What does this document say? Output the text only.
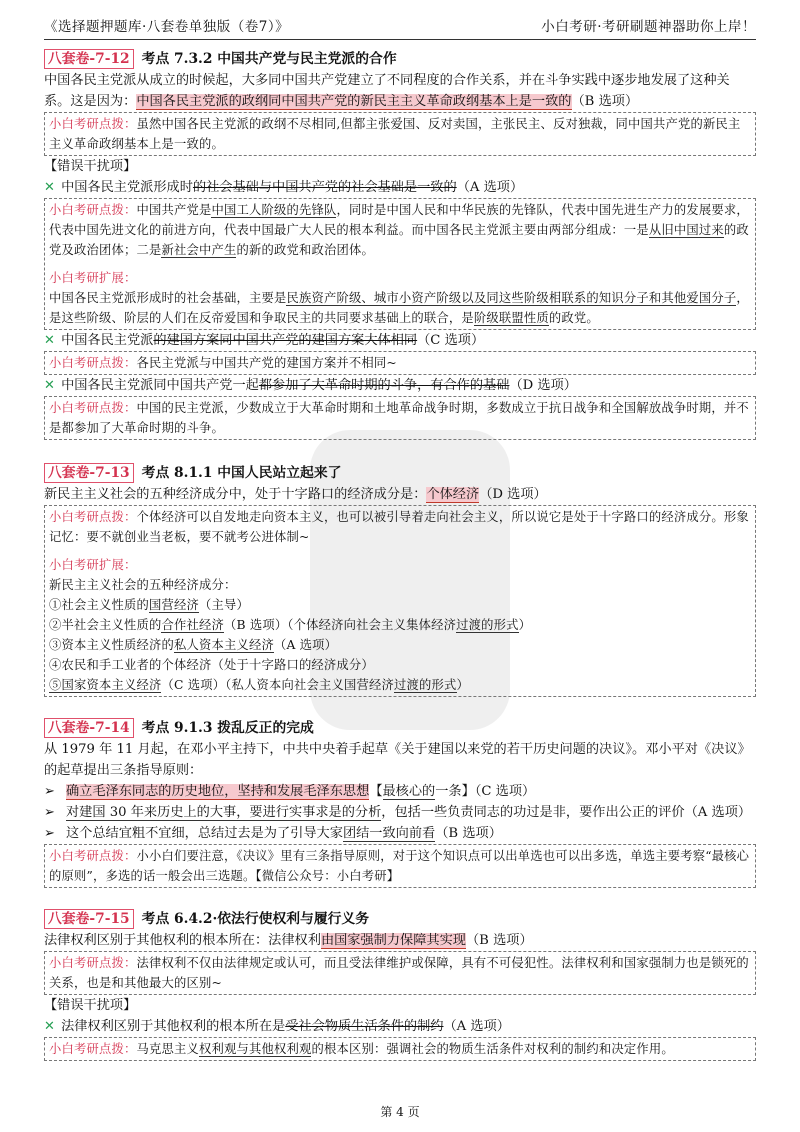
《选择题押题库·八套卷单独版（卷7）》	小白考研·考研刷题神器助你上岸！
八套卷-7-12 考点 7.3.2 中国共产党与民主党派的合作
中国各民主党派从成立的时候起，大多同中国共产党建立了不同程度的合作关系，并在斗争实践中逐步地发展了这种关系。这是因为：中国各民主党派的政纲同中国共产党的新民主主义革命政纲基本上是一致的（B 选项）
小白考研点拨：虽然中国各民主党派的政纲不尽相同,但都主张爱国、反对卖国，主张民主、反对独裁，同中国共产党的新民主主义革命政纲基本上是一致的。
【错误干扰项】
✕ 中国各民主党派形成时的社会基础与中国共产党的社会基础是一致的（A 选项）
小白考研点拨：中国共产党是中国工人阶级的先锋队，同时是中国人民和中华民族的先锋队，代表中国先进生产力的发展要求，代表中国先进文化的前进方向，代表中国最广大人民的根本利益。而中国各民主党派主要由两部分组成：一是从旧中国过来的政党及政治团体；二是新社会中产生的新的政党和政治团体。
小白考研扩展：
中国各民主党派形成时的社会基础，主要是民族资产阶级、城市小资产阶级以及同这些阶级相联系的知识分子和其他爱国分子，是这些阶级、阶层的人们在反帝爱国和争取民主的共同要求基础上的联合，是阶级联盟性质的政党。
✕ 中国各民主党派的建国方案同中国共产党的建国方案大体相同（C 选项）
小白考研点拨：各民主党派与中国共产党的建国方案并不相同~
✕ 中国各民主党派同中国共产党一起都参加了大革命时期的斗争，有合作的基础（D 选项）
小白考研点拨：中国的民主党派，少数成立于大革命时期和土地革命战争时期，多数成立于抗日战争和全国解放战争时期，并不是都参加了大革命时期的斗争。
八套卷-7-13 考点 8.1.1 中国人民站立起来了
新民主主义社会的五种经济成分中，处于十字路口的经济成分是：个体经济（D 选项）
小白考研点拨：个体经济可以自发地走向资本主义，也可以被引导着走向社会主义，所以说它是处于十字路口的经济成分。形象记忆：要不就创业当老板，要不就考公进体制~
小白考研扩展：
新民主主义社会的五种经济成分：
①社会主义性质的国营经济（主导）
②半社会主义性质的合作社经济（B 选项）（个体经济向社会主义集体经济过渡的形式）
③资本主义性质经济的私人资本主义经济（A 选项）
④农民和手工业者的个体经济（处于十字路口的经济成分）
⑤国家资本主义经济（C 选项）（私人资本向社会主义国营经济过渡的形式）
八套卷-7-14 考点 9.1.3 拨乱反正的完成
从 1979 年 11 月起，在邓小平主持下，中共中央着手起草《关于建国以来党的若干历史问题的决议》。邓小平对《决议》的起草提出三条指导原则：
➢ 确立毛泽东同志的历史地位，坚持和发展毛泽东思想【最核心的一条】（C 选项）
➢ 对建国 30 年来历史上的大事，要进行实事求是的分析，包括一些负责同志的功过是非，要作出公正的评价（A 选项）
➢ 这个总结宜粗不宜细，总结过去是为了引导大家团结一致向前看（B 选项）
小白考研点拨：小小白们要注意，《决议》里有三条指导原则，对于这个知识点可以出单选也可以出多选，单选主要考察“最核心的原则”，多选的话一般会出三选题。【微信公众号：小白考研】
八套卷-7-15 考点 6.4.2·依法行使权利与履行义务
法律权利区别于其他权利的根本所在：法律权利由国家强制力保障其实现（B 选项）
小白考研点拨：法律权利不仅由法律规定或认可，而且受法律维护或保障，具有不可侵犯性。法律权利和国家强制力也是锁死的关系，也是和其他最大的区别~
【错误干扰项】
✕ 法律权利区别于其他权利的根本所在是受社会物质生活条件的制约（A 选项）
小白考研点拨：马克思主义权利观与其他权利观的根本区别：强调社会的物质生活条件对权利的制约和决定作用。
第 4 页
